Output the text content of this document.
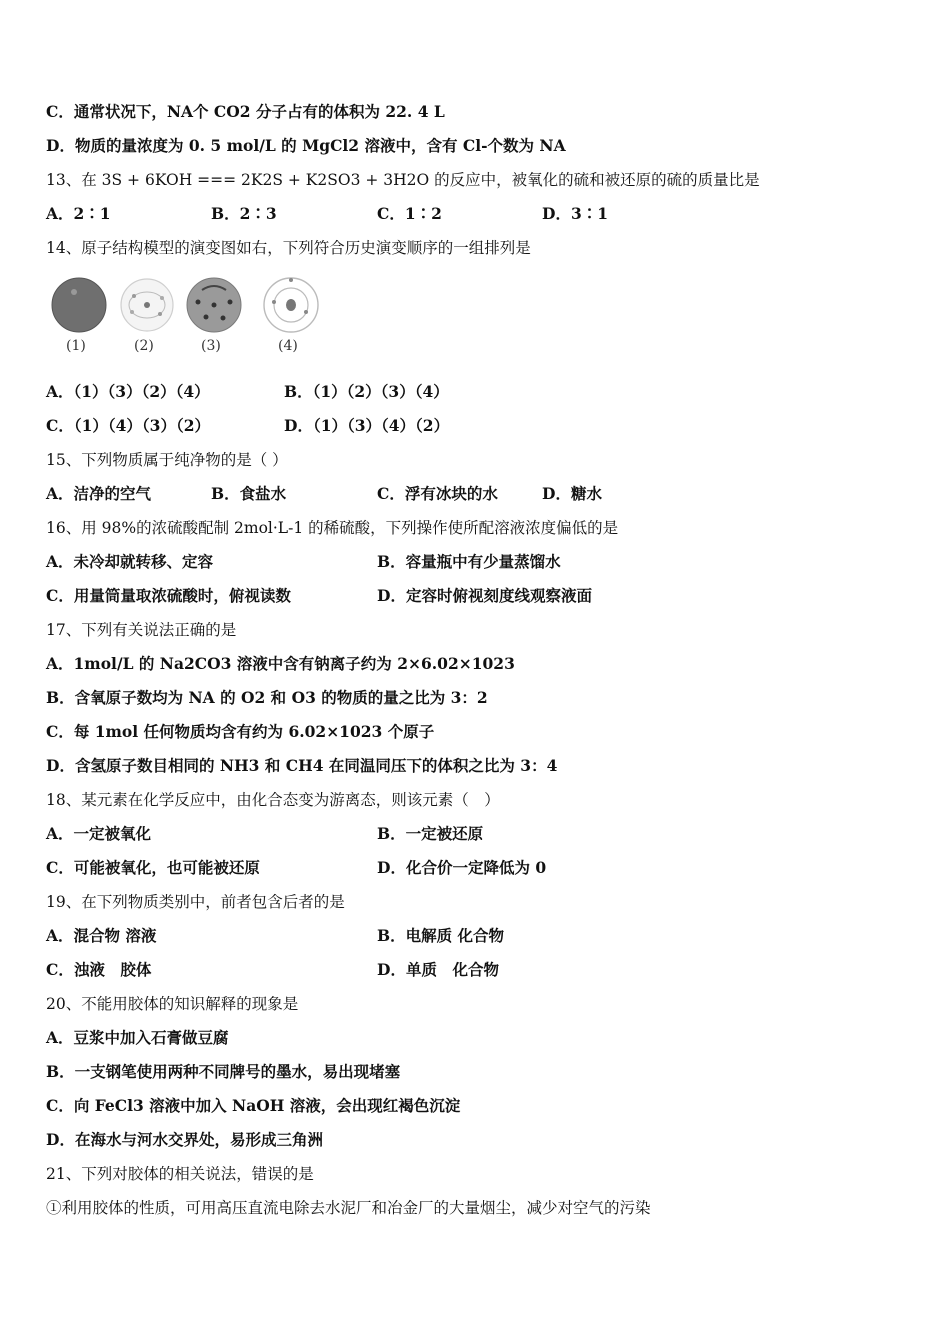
C．通常状况下，NA个 CO2 分子占有的体积为 22. 4 L
D．物质的量浓度为 0. 5 mol/L 的 MgCl2 溶液中，含有 Cl-个数为 NA
13、在 3S + 6KOH === 2K2S + K2SO3 + 3H2O 的反应中，被氧化的硫和被还原的硫的质量比是
A．2∶1	B．2∶3	C．1∶2	D．3∶1
14、原子结构模型的演变图如右，下列符合历史演变顺序的一组排列是
(1)	(2)	(3)	(4)
A．（1）（3）（2）（4）	B．（1）（2）（3）（4）
C．（1）（4）（3）（2）	D．（1）（3）（4）（2）
15、下列物质属于纯净物的是（ ）
A．洁净的空气	B．食盐水	C．浮有冰块的水	D．糖水
16、用 98%的浓硫酸配制 2mol·L-1 的稀硫酸，下列操作使所配溶液浓度偏低的是
A．未冷却就转移、定容	B．容量瓶中有少量蒸馏水
C．用量筒量取浓硫酸时，俯视读数	D．定容时俯视刻度线观察液面
17、下列有关说法正确的是
A．1mol/L 的 Na2CO3 溶液中含有钠离子约为 2×6.02×1023
B．含氧原子数均为 NA 的 O2 和 O3 的物质的量之比为 3：2
C．每 1mol 任何物质均含有约为 6.02×1023 个原子
D．含氢原子数目相同的 NH3 和 CH4 在同温同压下的体积之比为 3：4
18、某元素在化学反应中，由化合态变为游离态，则该元素（　）
A．一定被氧化	B．一定被还原
C．可能被氧化，也可能被还原	D．化合价一定降低为 0
19、在下列物质类别中，前者包含后者的是
A．混合物 溶液	B．电解质 化合物
C．浊液　胶体	D．单质　化合物
20、不能用胶体的知识解释的现象是
A．豆浆中加入石膏做豆腐
B．一支钢笔使用两种不同牌号的墨水，易出现堵塞
C．向 FeCl3 溶液中加入 NaOH 溶液，会出现红褐色沉淀
D．在海水与河水交界处，易形成三角洲
21、下列对胶体的相关说法，错误的是
①利用胶体的性质，可用高压直流电除去水泥厂和冶金厂的大量烟尘，减少对空气的污染
